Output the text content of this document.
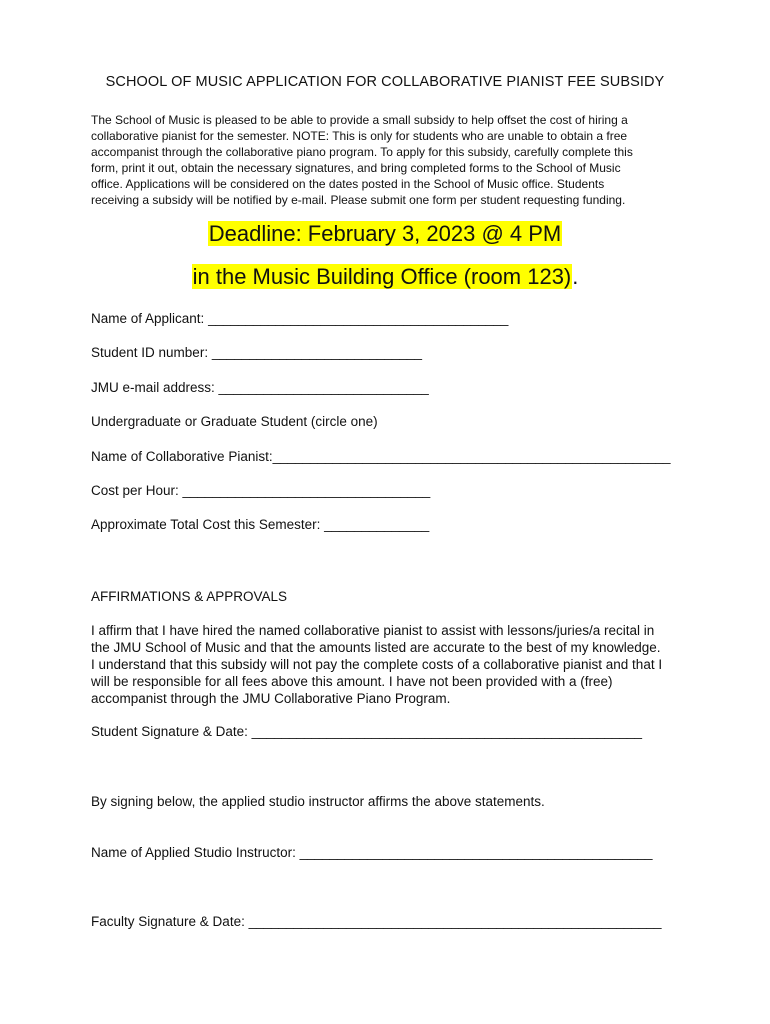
SCHOOL OF MUSIC APPLICATION FOR COLLABORATIVE PIANIST FEE SUBSIDY
The School of Music is pleased to be able to provide a small subsidy to help offset the cost of hiring a
collaborative pianist for the semester. NOTE: This is only for students who are unable to obtain a free
accompanist through the collaborative piano program. To apply for this subsidy, carefully complete this
form, print it out, obtain the necessary signatures, and bring completed forms to the School of Music
office. Applications will be considered on the dates posted in the School of Music office. Students
receiving a subsidy will be notified by e-mail. Please submit one form per student requesting funding.
Deadline: February 3, 2023 @ 4 PM
in the Music Building Office (room 123).
Name of Applicant: ________________________________________
Student ID number: ____________________________
JMU e-mail address: ____________________________
Undergraduate or Graduate Student (circle one)
Name of Collaborative Pianist:_____________________________________________________
Cost per Hour: _________________________________
Approximate Total Cost this Semester: ______________
AFFIRMATIONS & APPROVALS
I affirm that I have hired the named collaborative pianist to assist with lessons/juries/a recital in
the JMU School of Music and that the amounts listed are accurate to the best of my knowledge.
I understand that this subsidy will not pay the complete costs of a collaborative pianist and that I
will be responsible for all fees above this amount. I have not been provided with a (free)
accompanist through the JMU Collaborative Piano Program.
Student Signature & Date: ____________________________________________________
By signing below, the applied studio instructor affirms the above statements.
Name of Applied Studio Instructor: _______________________________________________
Faculty Signature & Date: _______________________________________________________
